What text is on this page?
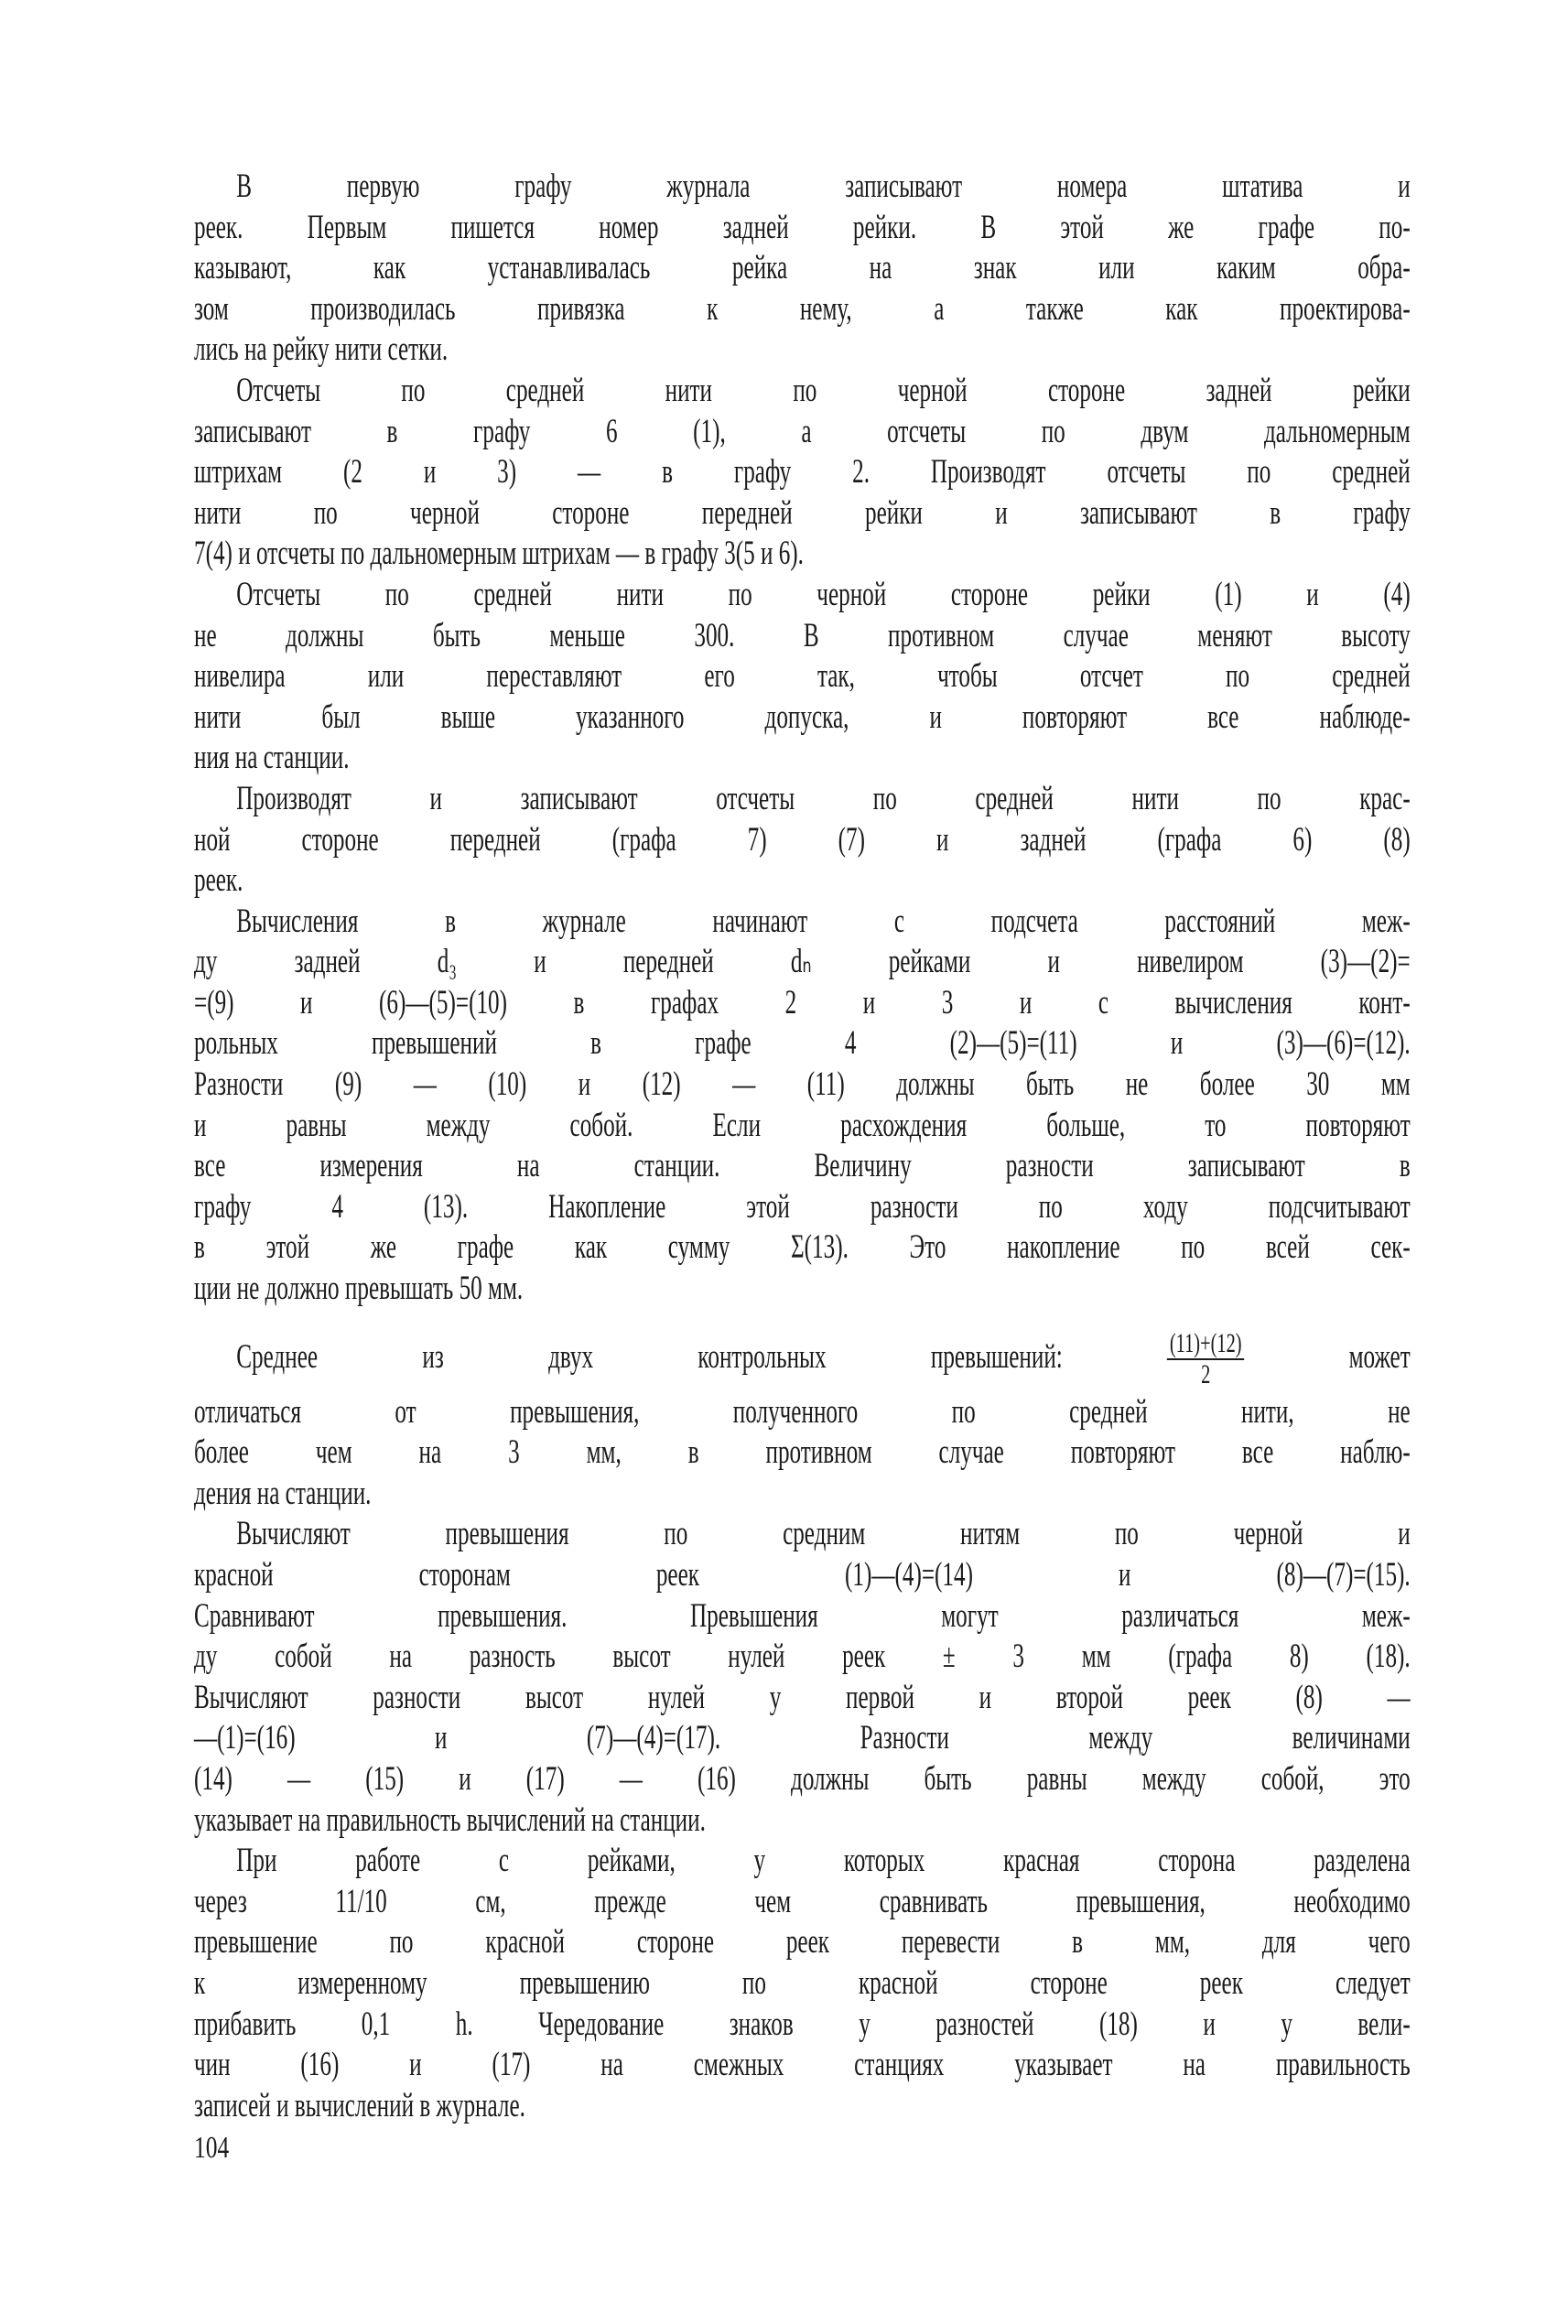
В первую графу журнала записывают номера штатива и
реек. Первым пишется номер задней рейки. В этой же графе по-
казывают, как устанавливалась рейка на знак или каким обра-
зом производилась привязка к нему, а также как проектирова-
лись на рейку нити сетки.
Отсчеты по средней нити по черной стороне задней рейки
записывают в графу 6 (1), а отсчеты по двум дальномерным
штрихам (2 и 3) — в графу 2. Производят отсчеты по средней
нити по черной стороне передней рейки и записывают в графу
7(4) и отсчеты по дальномерным штрихам — в графу 3(5 и 6).
Отсчеты по средней нити по черной стороне рейки (1) и (4)
не должны быть меньше 300. В противном случае меняют высоту
нивелира или переставляют его так, чтобы отсчет по средней
нити был выше указанного допуска, и повторяют все наблюде-
ния на станции.
Производят и записывают отсчеты по средней нити по крас-
ной стороне передней (графа 7) (7) и задней (графа 6) (8)
реек.
Вычисления в журнале начинают с подсчета расстояний меж-
ду задней d₃ и передней dₙ рейками и нивелиром (3)—(2)=
=(9) и (6)—(5)=(10) в графах 2 и 3 и с вычисления конт-
рольных превышений в графе 4 (2)—(5)=(11) и (3)—(6)=(12).
Разности (9) — (10) и (12) — (11) должны быть не более 30 мм
и равны между собой. Если расхождения больше, то повторяют
все измерения на станции. Величину разности записывают в
графу 4 (13). Накопление этой разности по ходу подсчитывают
в этой же графе как сумму Σ(13). Это накопление по всей сек-
ции не должно превышать 50 мм.
Среднее из двух контрольных превышений:	$\frac{(11)+(12)}{2}$	может
отличаться от превышения, полученного по средней нити, не
более чем на 3 мм, в противном случае повторяют все наблю-
дения на станции.
Вычисляют превышения по средним нитям по черной и
красной сторонам реек (1)—(4)=(14) и (8)—(7)=(15).
Сравнивают превышения. Превышения могут различаться меж-
ду собой на разность высот нулей реек ± 3 мм (графа 8) (18).
Вычисляют разности высот нулей у первой и второй реек (8) —
—(1)=(16) и (7)—(4)=(17). Разности между величинами
(14) — (15) и (17) — (16) должны быть равны между собой, это
указывает на правильность вычислений на станции.
При работе с рейками, у которых красная сторона разделена
через 11/10 см, прежде чем сравнивать превышения, необходимо
превышение по красной стороне реек перевести в мм, для чего
к измеренному превышению по красной стороне реек следует
прибавить 0,1 h. Чередование знаков у разностей (18) и у вели-
чин (16) и (17) на смежных станциях указывает на правильность
записей и вычислений в журнале.
104
